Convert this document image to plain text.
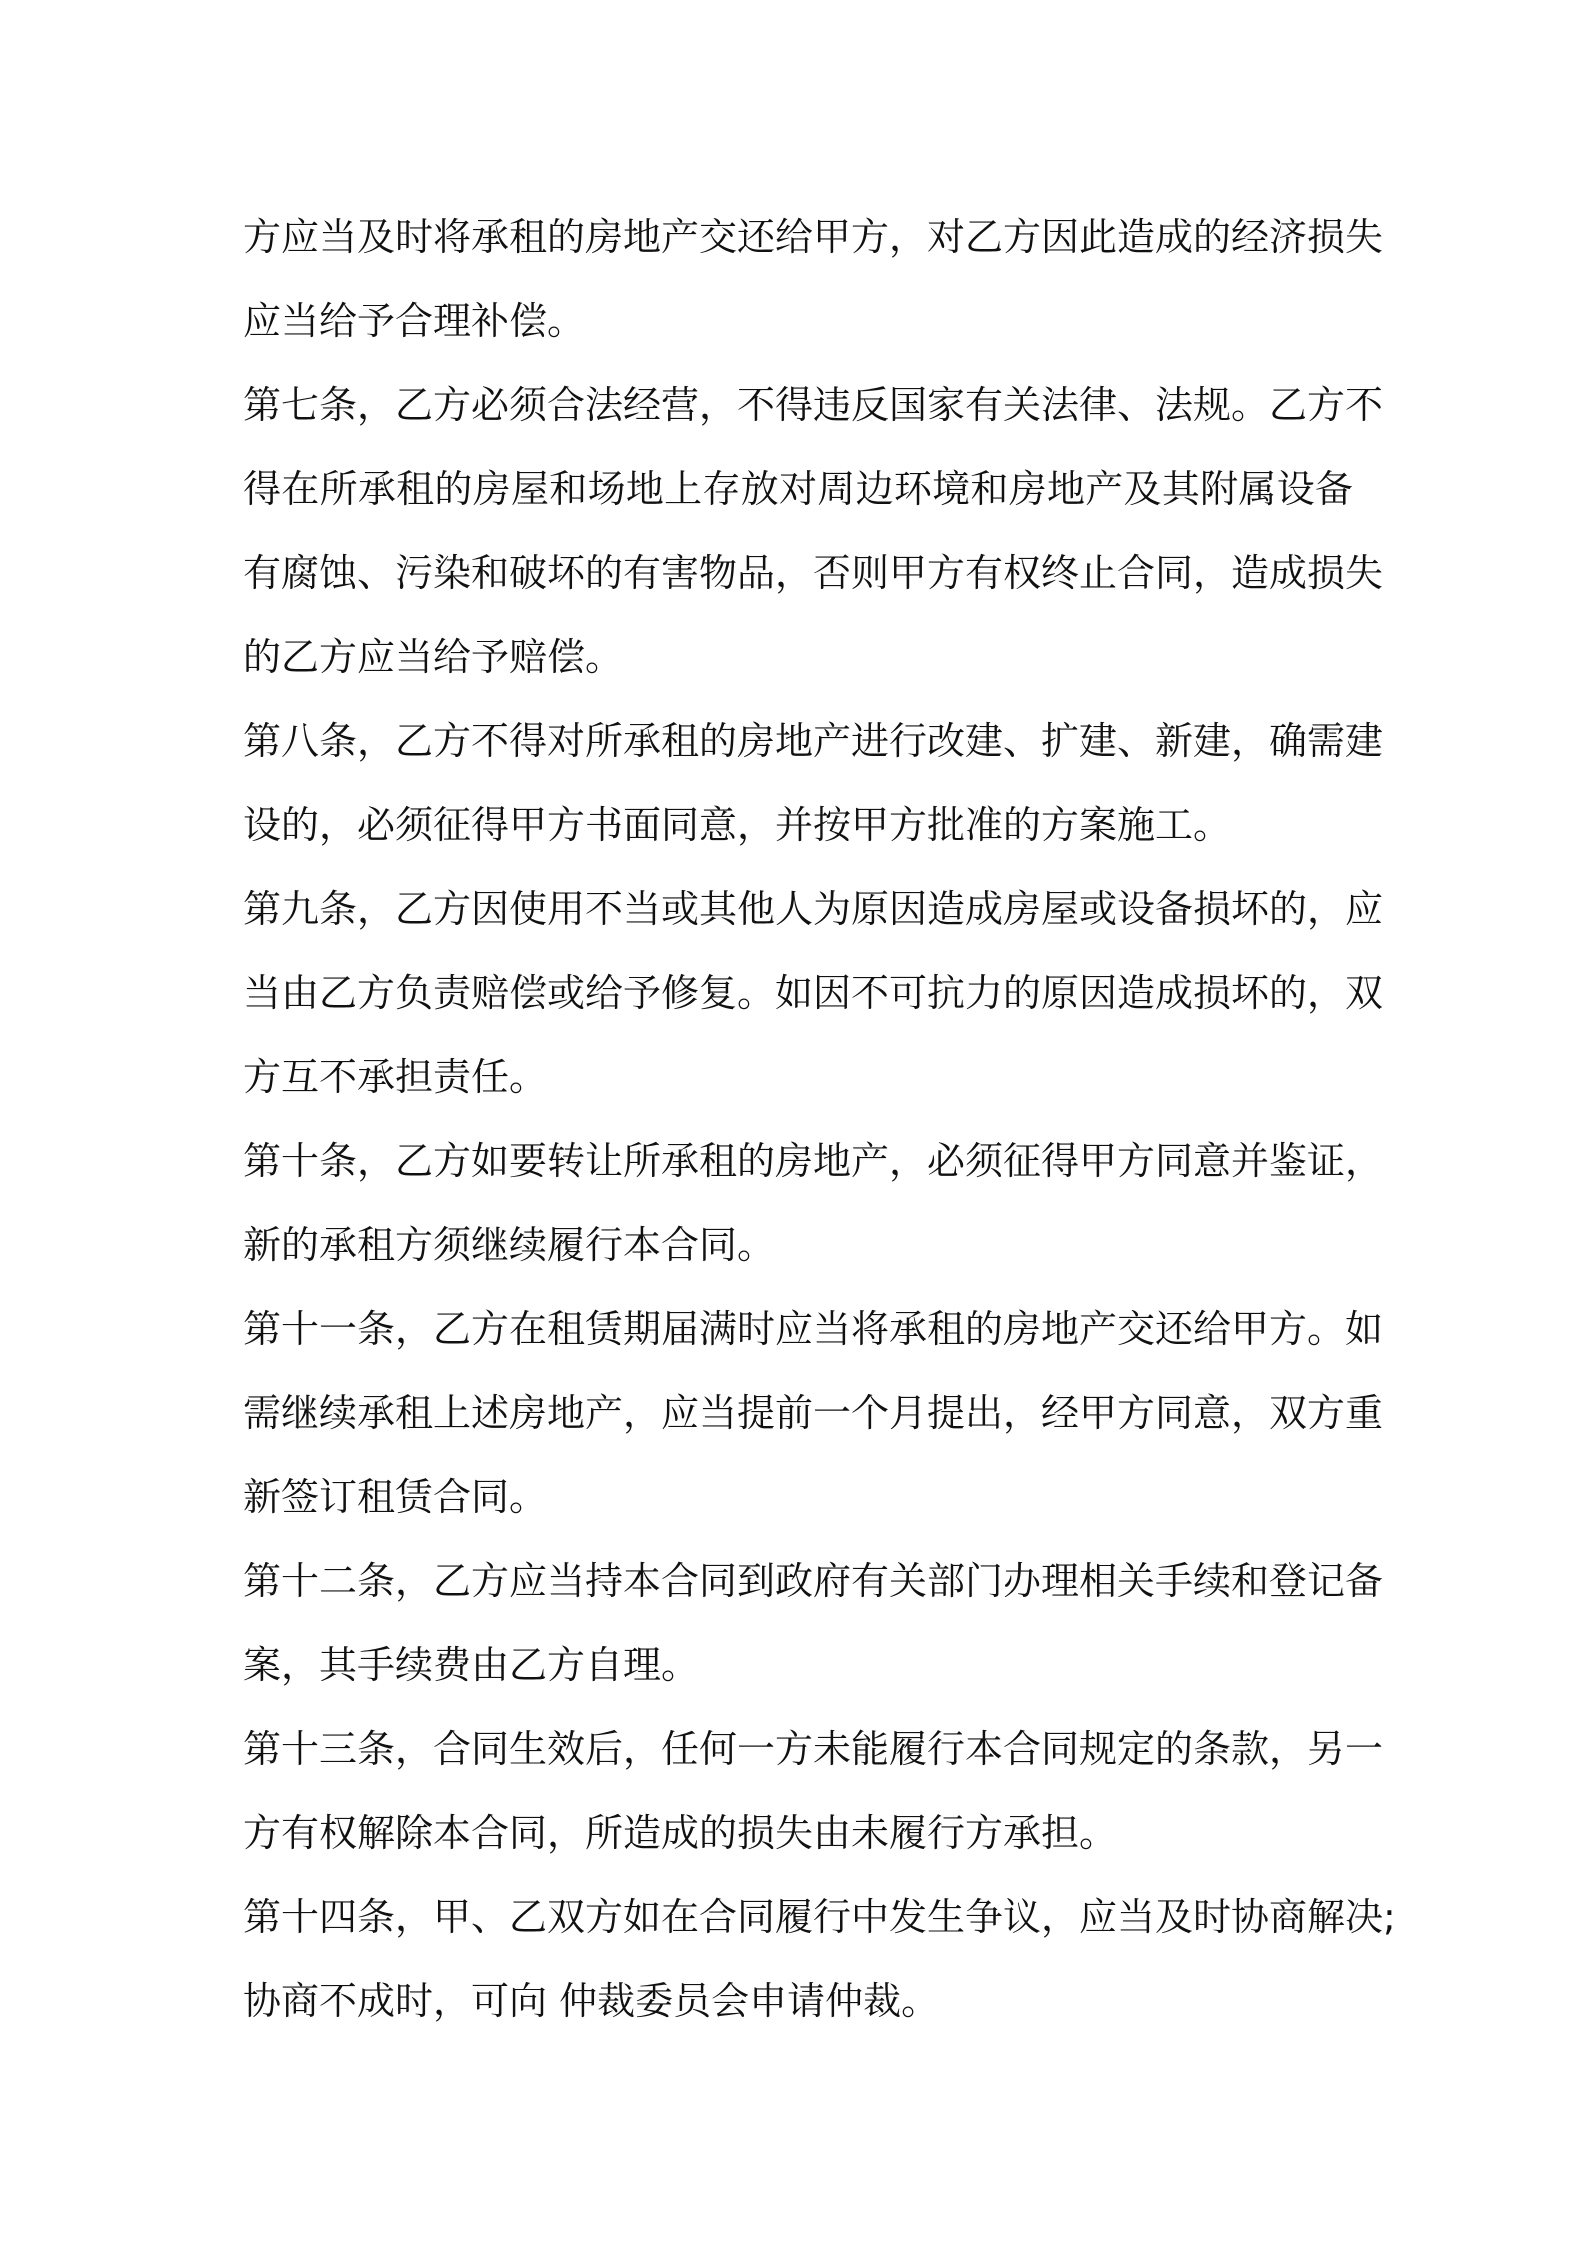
方应当及时将承租的房地产交还给甲方，对乙方因此造成的经济损失
应当给予合理补偿。
第七条，乙方必须合法经营，不得违反国家有关法律、法规。乙方不
得在所承租的房屋和场地上存放对周边环境和房地产及其附属设备
有腐蚀、污染和破坏的有害物品，否则甲方有权终止合同，造成损失
的乙方应当给予赔偿。
第八条，乙方不得对所承租的房地产进行改建、扩建、新建，确需建
设的，必须征得甲方书面同意，并按甲方批准的方案施工。
第九条，乙方因使用不当或其他人为原因造成房屋或设备损坏的，应
当由乙方负责赔偿或给予修复。如因不可抗力的原因造成损坏的，双
方互不承担责任。
第十条，乙方如要转让所承租的房地产，必须征得甲方同意并鉴证，
新的承租方须继续履行本合同。
第十一条，乙方在租赁期届满时应当将承租的房地产交还给甲方。如
需继续承租上述房地产，应当提前一个月提出，经甲方同意，双方重
新签订租赁合同。
第十二条，乙方应当持本合同到政府有关部门办理相关手续和登记备
案，其手续费由乙方自理。
第十三条，合同生效后，任何一方未能履行本合同规定的条款，另一
方有权解除本合同，所造成的损失由未履行方承担。
第十四条，甲、乙双方如在合同履行中发生争议，应当及时协商解决;
协商不成时，可向 仲裁委员会申请仲裁。
